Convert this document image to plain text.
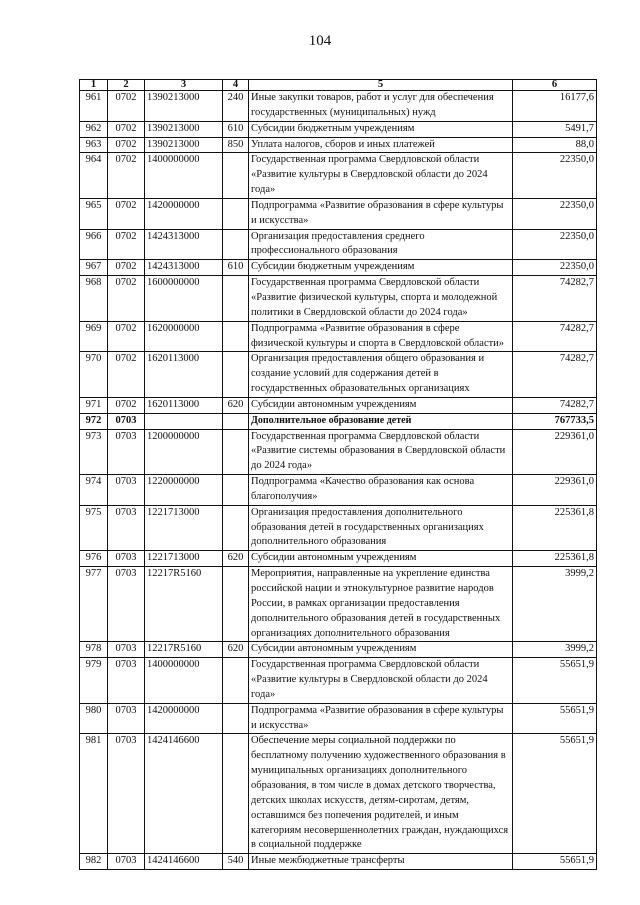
104
1	2	3	4	5	6
961	0702	1390213000	240	Иные закупки товаров, работ и услуг для обеспечения государственных (муниципальных) нужд	16177,6
962	0702	1390213000	610	Субсидии бюджетным учреждениям	5491,7
963	0702	1390213000	850	Уплата налогов, сборов и иных платежей	88,0
964	0702	1400000000		Государственная программа Свердловской области «Развитие культуры в Свердловской области до 2024 года»	22350,0
965	0702	1420000000		Подпрограмма «Развитие образования в сфере культуры и искусства»	22350,0
966	0702	1424313000		Организация предоставления среднего профессионального образования	22350,0
967	0702	1424313000	610	Субсидии бюджетным учреждениям	22350,0
968	0702	1600000000		Государственная программа Свердловской области «Развитие физической культуры, спорта и молодежной политики в Свердловской области до 2024 года»	74282,7
969	0702	1620000000		Подпрограмма «Развитие образования в сфере физической культуры и спорта в Свердловской области»	74282,7
970	0702	1620113000		Организация предоставления общего образования и создание условий для содержания детей в государственных образовательных организациях	74282,7
971	0702	1620113000	620	Субсидии автономным учреждениям	74282,7
972	0703			Дополнительное образование детей	767733,5
973	0703	1200000000		Государственная программа Свердловской области «Развитие системы образования в Свердловской области до 2024 года»	229361,0
974	0703	1220000000		Подпрограмма «Качество образования как основа благополучия»	229361,0
975	0703	1221713000		Организация предоставления дополнительного образования детей в государственных организациях дополнительного образования	225361,8
976	0703	1221713000	620	Субсидии автономным учреждениям	225361,8
977	0703	12217R5160		Мероприятия, направленные на укрепление единства российской нации и этнокультурное развитие народов России, в рамках организации предоставления дополнительного образования детей в государственных организациях дополнительного образования	3999,2
978	0703	12217R5160	620	Субсидии автономным учреждениям	3999,2
979	0703	1400000000		Государственная программа Свердловской области «Развитие культуры в Свердловской области до 2024 года»	55651,9
980	0703	1420000000		Подпрограмма «Развитие образования в сфере культуры и искусства»	55651,9
981	0703	1424146600		Обеспечение меры социальной поддержки по бесплатному получению художественного образования в муниципальных организациях дополнительного образования, в том числе в домах детского творчества, детских школах искусств, детям-сиротам, детям, оставшимся без попечения родителей, и иным категориям несовершеннолетних граждан, нуждающихся в социальной поддержке	55651,9
982	0703	1424146600	540	Иные межбюджетные трансферты	55651,9
